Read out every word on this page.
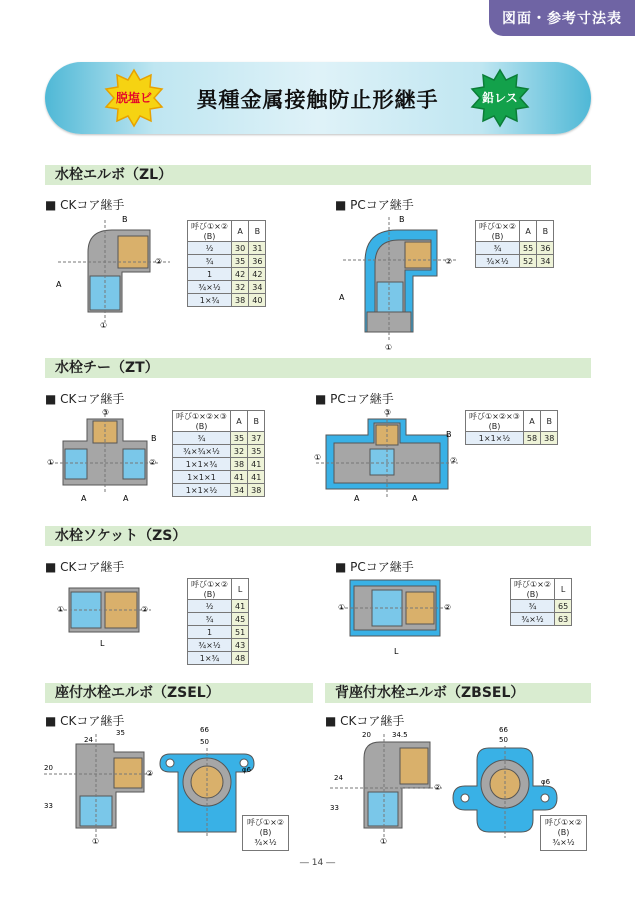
図面・参考寸法表
脱塩ビ	異種金属接触防止形継手	鉛レス
水栓エルボ（ZL）
■ CKコア継手	■ PCコア継手
B
A
②
①
呼び①×②
(B)	A	B
½	30	31
¾	35	36
1	42	42
¾×½	32	34
1×¾	38	40
B
A
②
①
呼び①×②
(B)	A	B
¾	55	36
¾×½	52	34
水栓チー（ZT）
■ CKコア継手	■ PCコア継手
③
①	②
B
A	A
呼び①×②×③
(B)	A	B
¾	35	37
¾×¾×½	32	35
1×1×¾	38	41
1×1×1	41	41
1×1×½	34	38
③
①	②
B
A	A
呼び①×②×③
(B)	A	B
1×1×½	58	38
水栓ソケット（ZS）
■ CKコア継手	■ PCコア継手
①	②
L
呼び①×②
(B)	L
½	41
¾	45
1	51
¾×½	43
1×¾	48
①	②
L
呼び①×②
(B)	L
¾	65
¾×½	63
座付水栓エルボ（ZSEL）	背座付水栓エルボ（ZBSEL）
■ CKコア継手	■ CKコア継手
24
35
20
33
②
①
66
50
φ6
呼び①×②
(B)
¾×½
20	34.5
24
33
②
①
66
50
φ6
呼び①×②
(B)
¾×½
― 14 ―
